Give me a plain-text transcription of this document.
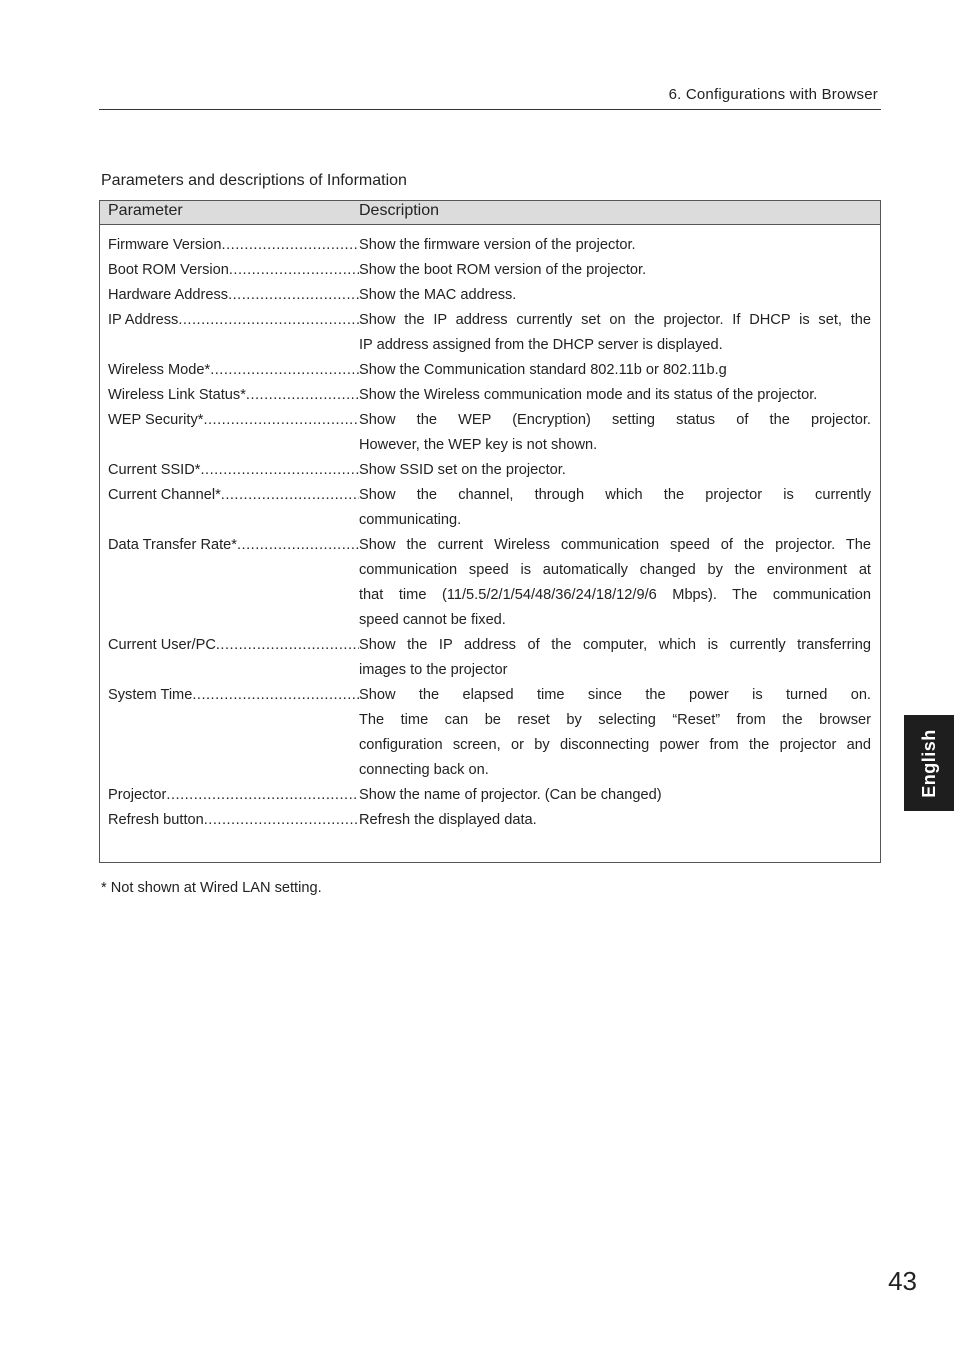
6. Configurations with Browser
Parameters and descriptions of Information
Parameter	Description
Firmware Version .....	Show the firmware version of the projector.
Boot ROM Version .....	Show the boot ROM version of the projector.
Hardware Address .....	Show the MAC address.
IP Address .....	Show the IP address currently set on the projector. If DHCP is set, the
IP address assigned from the DHCP server is displayed.
Wireless Mode* .....	Show the Communication standard 802.11b or 802.11b.g
Wireless Link Status* .....	Show the Wireless communication mode and its status of the projector.
WEP Security* .....	Show the WEP (Encryption) setting status of the projector.
However, the WEP key is not shown.
Current SSID* .....	Show SSID set on the projector.
Current Channel* .....	Show the channel, through which the projector is currently
communicating.
Data Transfer Rate* .....	Show the current Wireless communication speed of the projector. The
communication speed is automatically changed by the environment at
that time (11/5.5/2/1/54/48/36/24/18/12/9/6 Mbps). The communication
speed cannot be fixed.
Current User/PC .....	Show the IP address of the computer, which is currently transferring
images to the projector
System Time .....	Show the elapsed time since the power is turned on.
The time can be reset by selecting “Reset” from the browser
configuration screen, or by disconnecting power from the projector and
connecting back on.
Projector .....	Show the name of projector. (Can be changed)
Refresh button .....	Refresh the displayed data.
* Not shown at Wired LAN setting.
English
43
